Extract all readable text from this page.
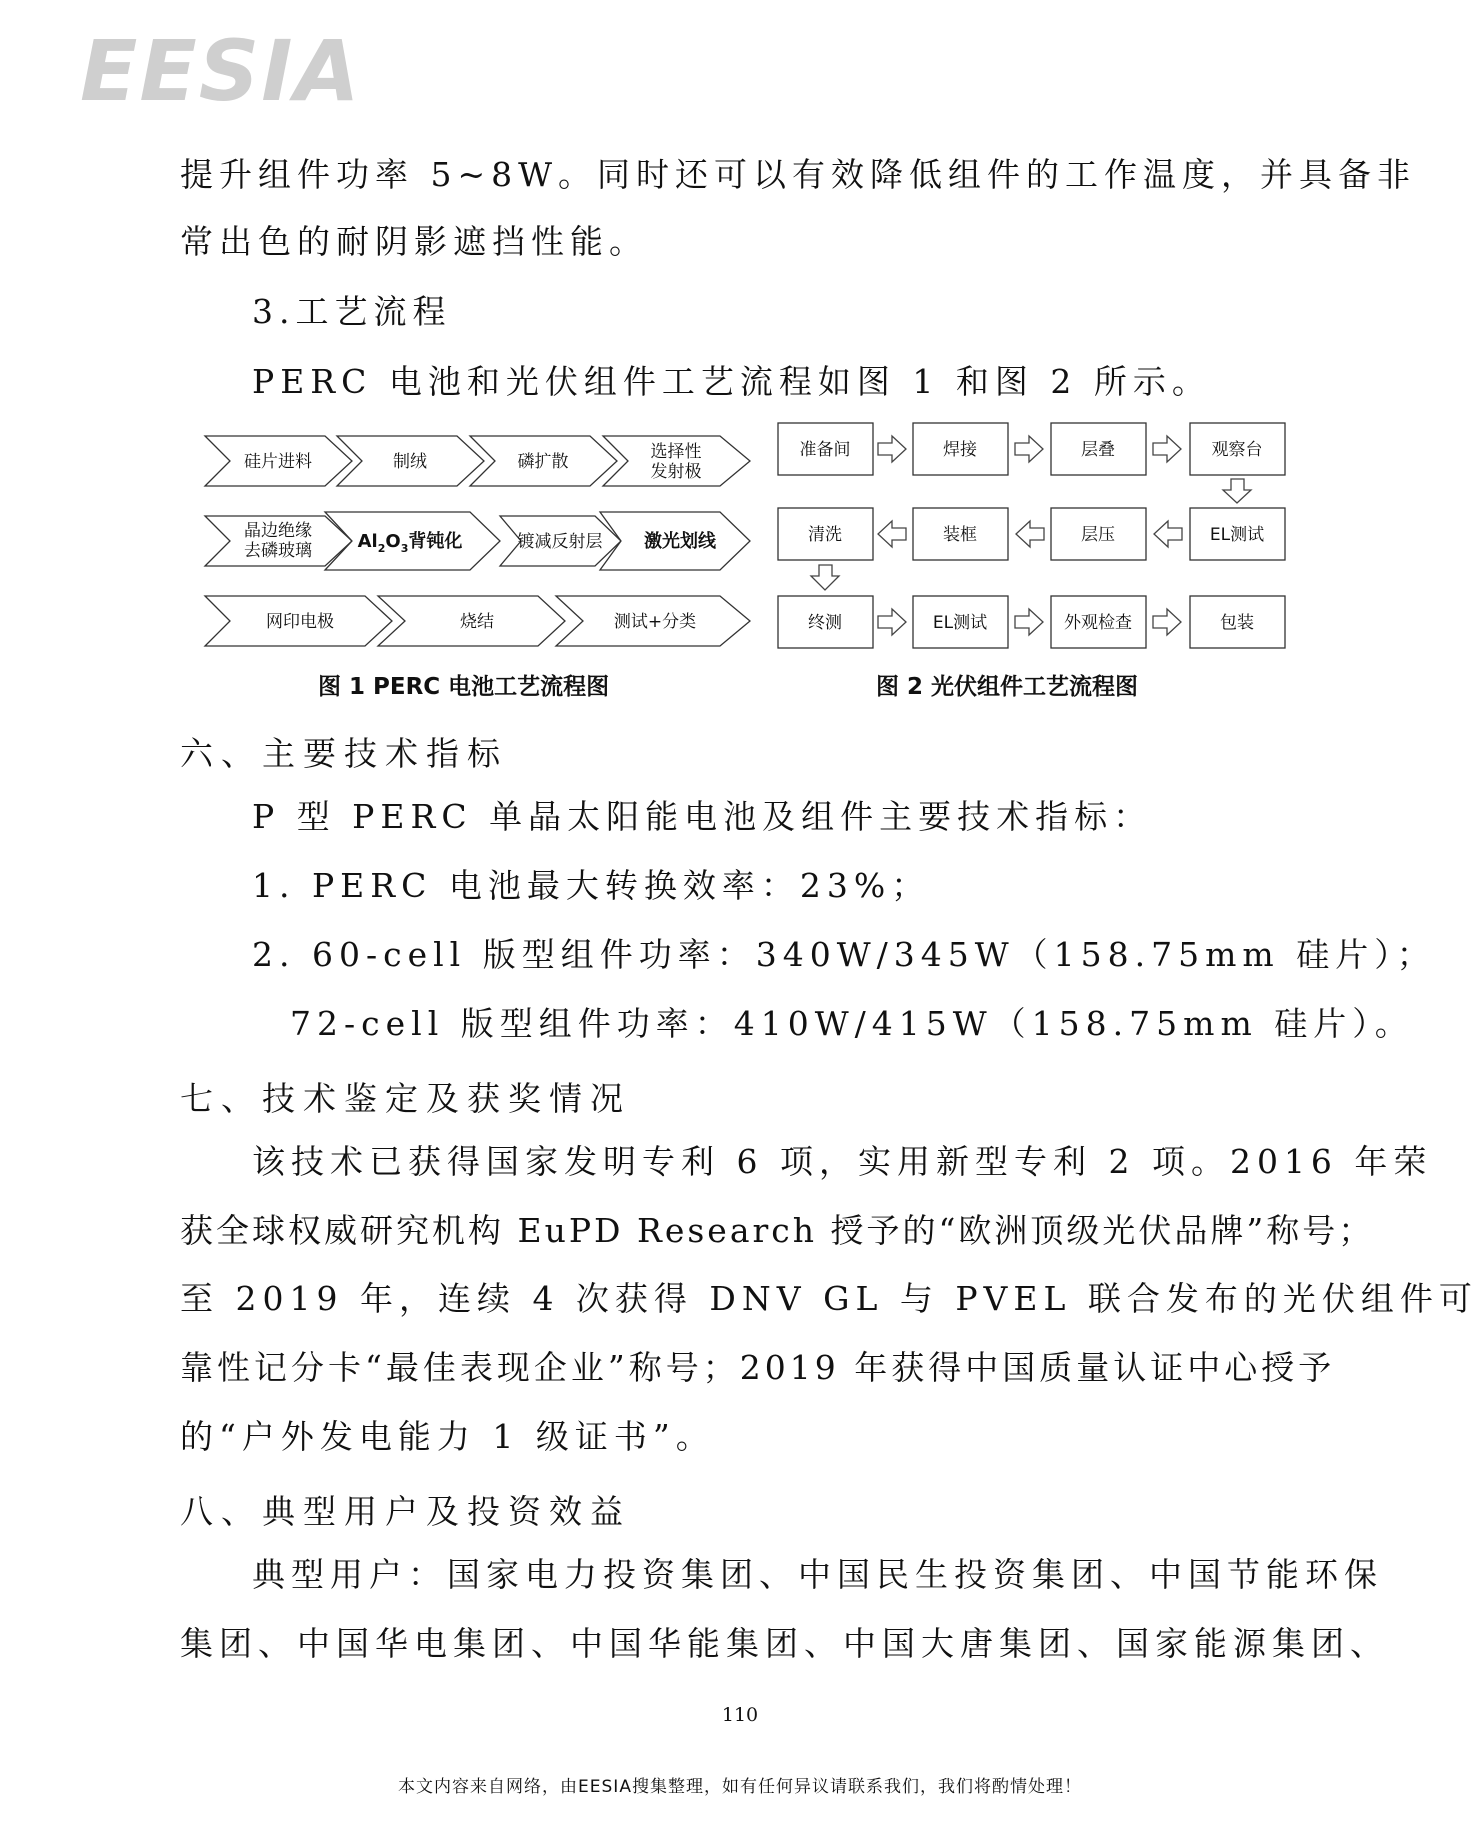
EESIA
提升组件功率 5~8W。同时还可以有效降低组件的工作温度，并具备非
常出色的耐阴影遮挡性能。
3.工艺流程
PERC 电池和光伏组件工艺流程如图 1 和图 2 所示。
硅片进料	制绒	磷扩散	选择性
发射极
晶边绝缘
去磷玻璃	$Al_2O_3$背钝化	镀减反射层 激光划线
网印电极	烧结	测试+分类
准备间	焊接	层叠	观察台
清洗	装框	层压	EL测试
终测	EL测试	外观检查	包装
图 1 PERC 电池工艺流程图	图 2 光伏组件工艺流程图
六、主要技术指标
P 型 PERC 单晶太阳能电池及组件主要技术指标：
1. PERC 电池最大转换效率：23%；
2. 60-cell 版型组件功率：340W/345W（158.75mm 硅片）；
72-cell 版型组件功率：410W/415W（158.75mm 硅片）。
七、技术鉴定及获奖情况
该技术已获得国家发明专利 6 项，实用新型专利 2 项。2016 年荣
获全球权威研究机构 EuPD Research 授予的“欧洲顶级光伏品牌”称号；
至 2019 年，连续 4 次获得 DNV GL 与 PVEL 联合发布的光伏组件可
靠性记分卡“最佳表现企业”称号；2019 年获得中国质量认证中心授予
的“户外发电能力 1 级证书”。
八、典型用户及投资效益
典型用户：国家电力投资集团、中国民生投资集团、中国节能环保
集团、中国华电集团、中国华能集团、中国大唐集团、国家能源集团、
110
本文内容来自网络，由EESIA搜集整理，如有任何异议请联系我们，我们将酌情处理！
